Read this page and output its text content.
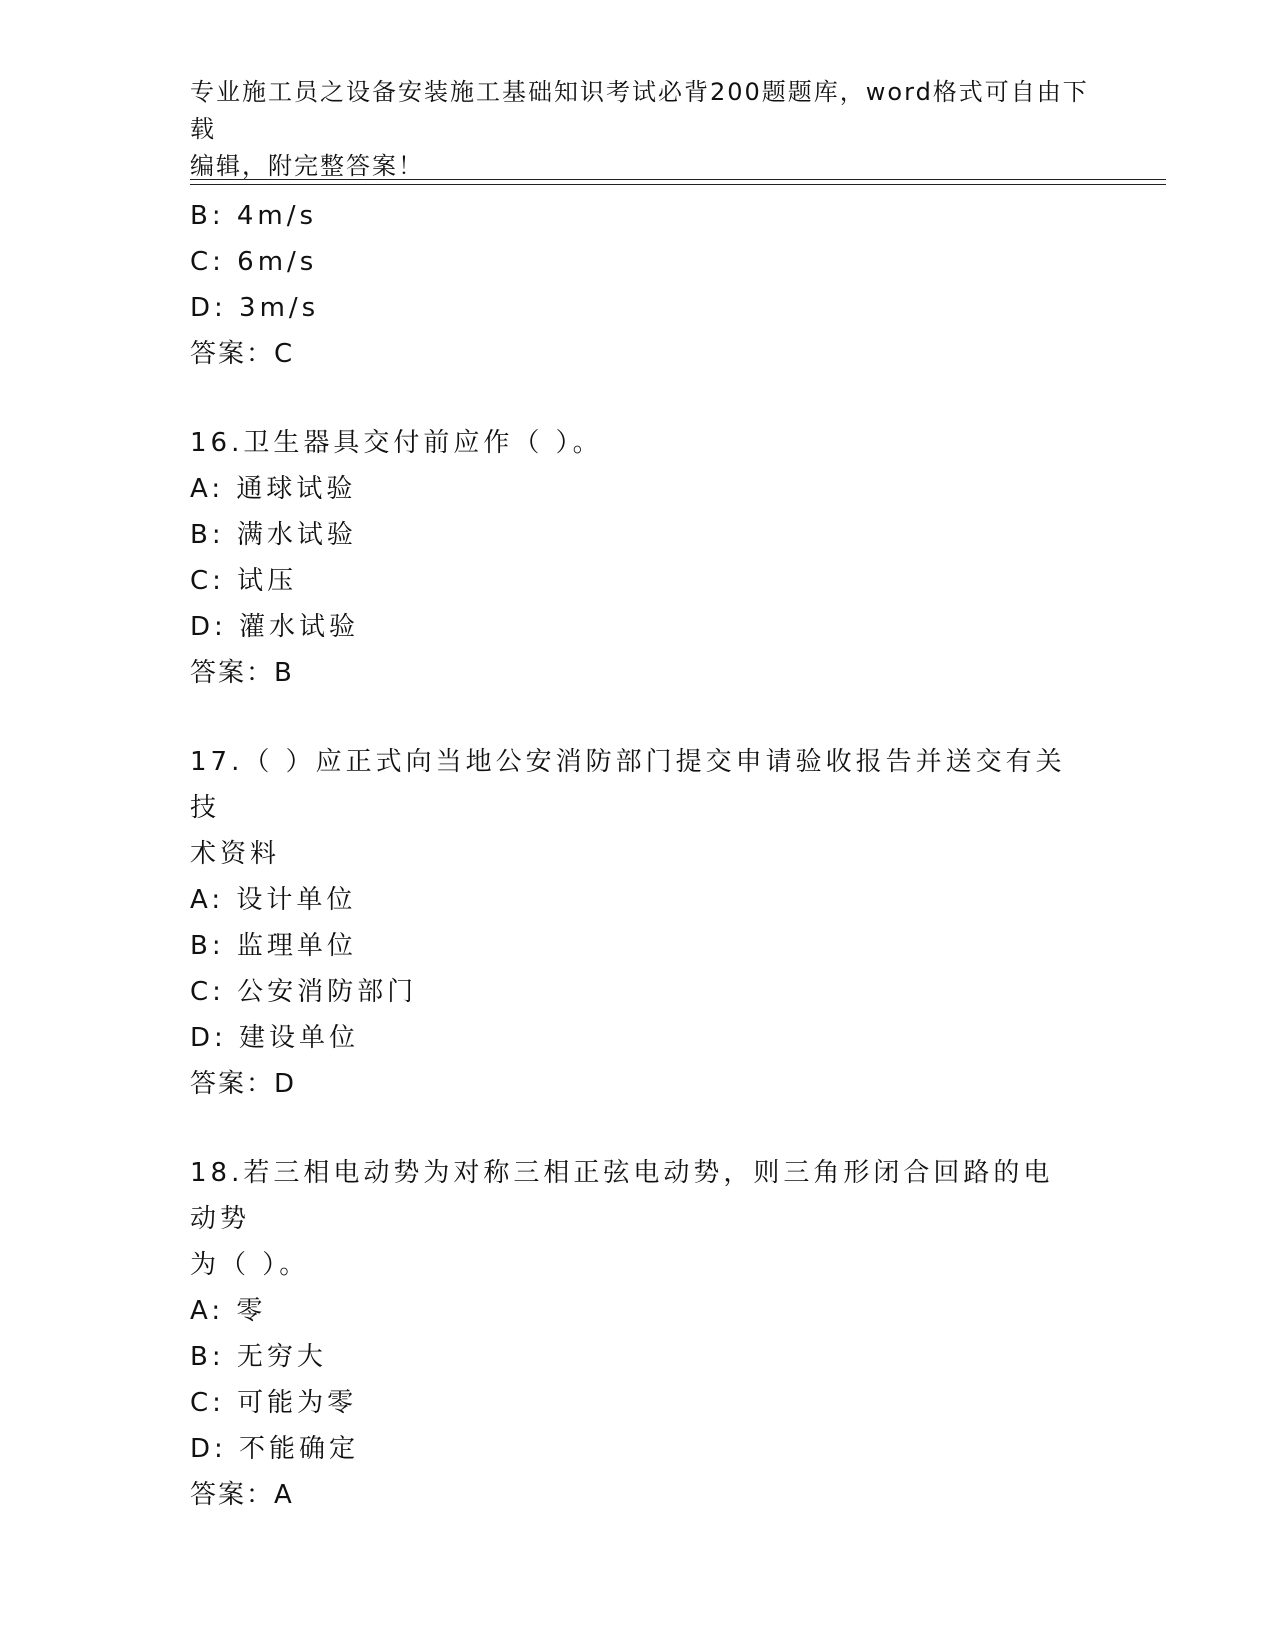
专业施工员之设备安装施工基础知识考试必背200题题库，word格式可自由下载
编辑，附完整答案！
B: 4m/s
C: 6m/s
D: 3m/s
答案：C
16.卫生器具交付前应作（ ）。
A: 通球试验
B: 满水试验
C: 试压
D: 灌水试验
答案：B
17.（ ）应正式向当地公安消防部门提交申请验收报告并送交有关技
术资料
A: 设计单位
B: 监理单位
C: 公安消防部门
D: 建设单位
答案：D
18.若三相电动势为对称三相正弦电动势，则三角形闭合回路的电动势
为（ ）。
A: 零
B: 无穷大
C: 可能为零
D: 不能确定
答案：A
